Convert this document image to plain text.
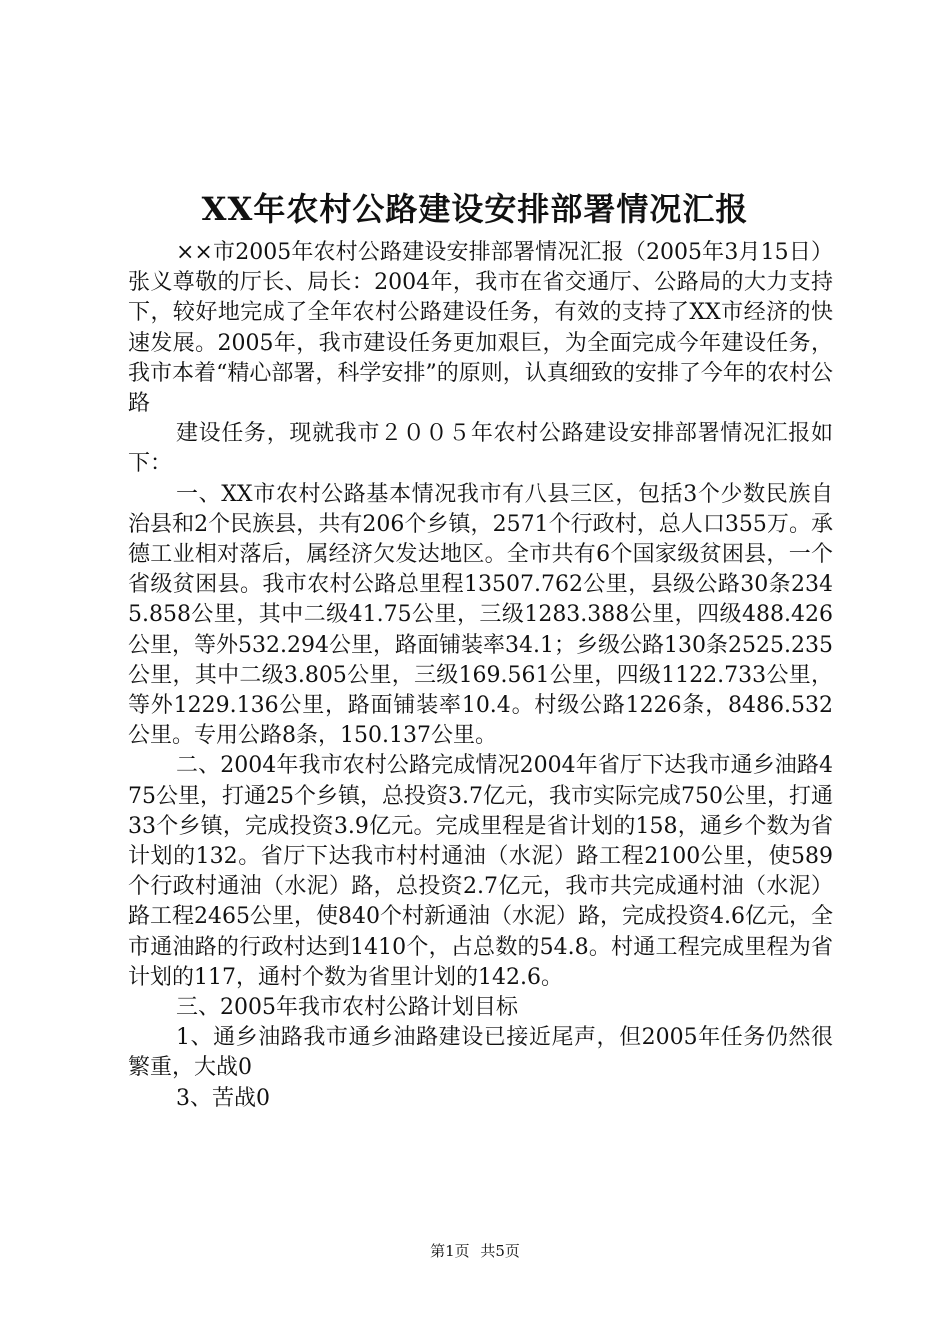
XX年农村公路建设安排部署情况汇报

××市2005年农村公路建设安排部署情况汇报（2005年3月15日）张义尊敬的厅长、局长：2004年，我市在省交通厅、公路局的大力支持下，较好地完成了全年农村公路建设任务，有效的支持了XX市经济的快速发展。2005年，我市建设任务更加艰巨，为全面完成今年建设任务，我市本着“精心部署，科学安排”的原则，认真细致的安排了今年的农村公路

建设任务，现就我市２００５年农村公路建设安排部署情况汇报如下：

一、XX市农村公路基本情况我市有八县三区，包括3个少数民族自治县和2个民族县，共有206个乡镇，2571个行政村，总人口355万。承德工业相对落后，属经济欠发达地区。全市共有6个国家级贫困县，一个省级贫困县。我市农村公路总里程13507.762公里，县级公路30条2345.858公里，其中二级41.75公里，三级1283.388公里，四级488.426公里，等外532.294公里，路面铺装率34.1；乡级公路130条2525.235公里，其中二级3.805公里，三级169.561公里，四级1122.733公里，等外1229.136公里，路面铺装率10.4。村级公路1226条，8486.532公里。专用公路8条，150.137公里。

二、2004年我市农村公路完成情况2004年省厅下达我市通乡油路475公里，打通25个乡镇，总投资3.7亿元，我市实际完成750公里，打通33个乡镇，完成投资3.9亿元。完成里程是省计划的158，通乡个数为省计划的132。省厅下达我市村村通油（水泥）路工程2100公里，使589个行政村通油（水泥）路，总投资2.7亿元，我市共完成通村油（水泥）路工程2465公里，使840个村新通油（水泥）路，完成投资4.6亿元，全市通油路的行政村达到1410个，占总数的54.8。村通工程完成里程为省计划的117，通村个数为省里计划的142.6。

三、2005年我市农村公路计划目标

1、通乡油路我市通乡油路建设已接近尾声，但2005年任务仍然很繁重，大战0

3、苦战0

第1页 共5页
